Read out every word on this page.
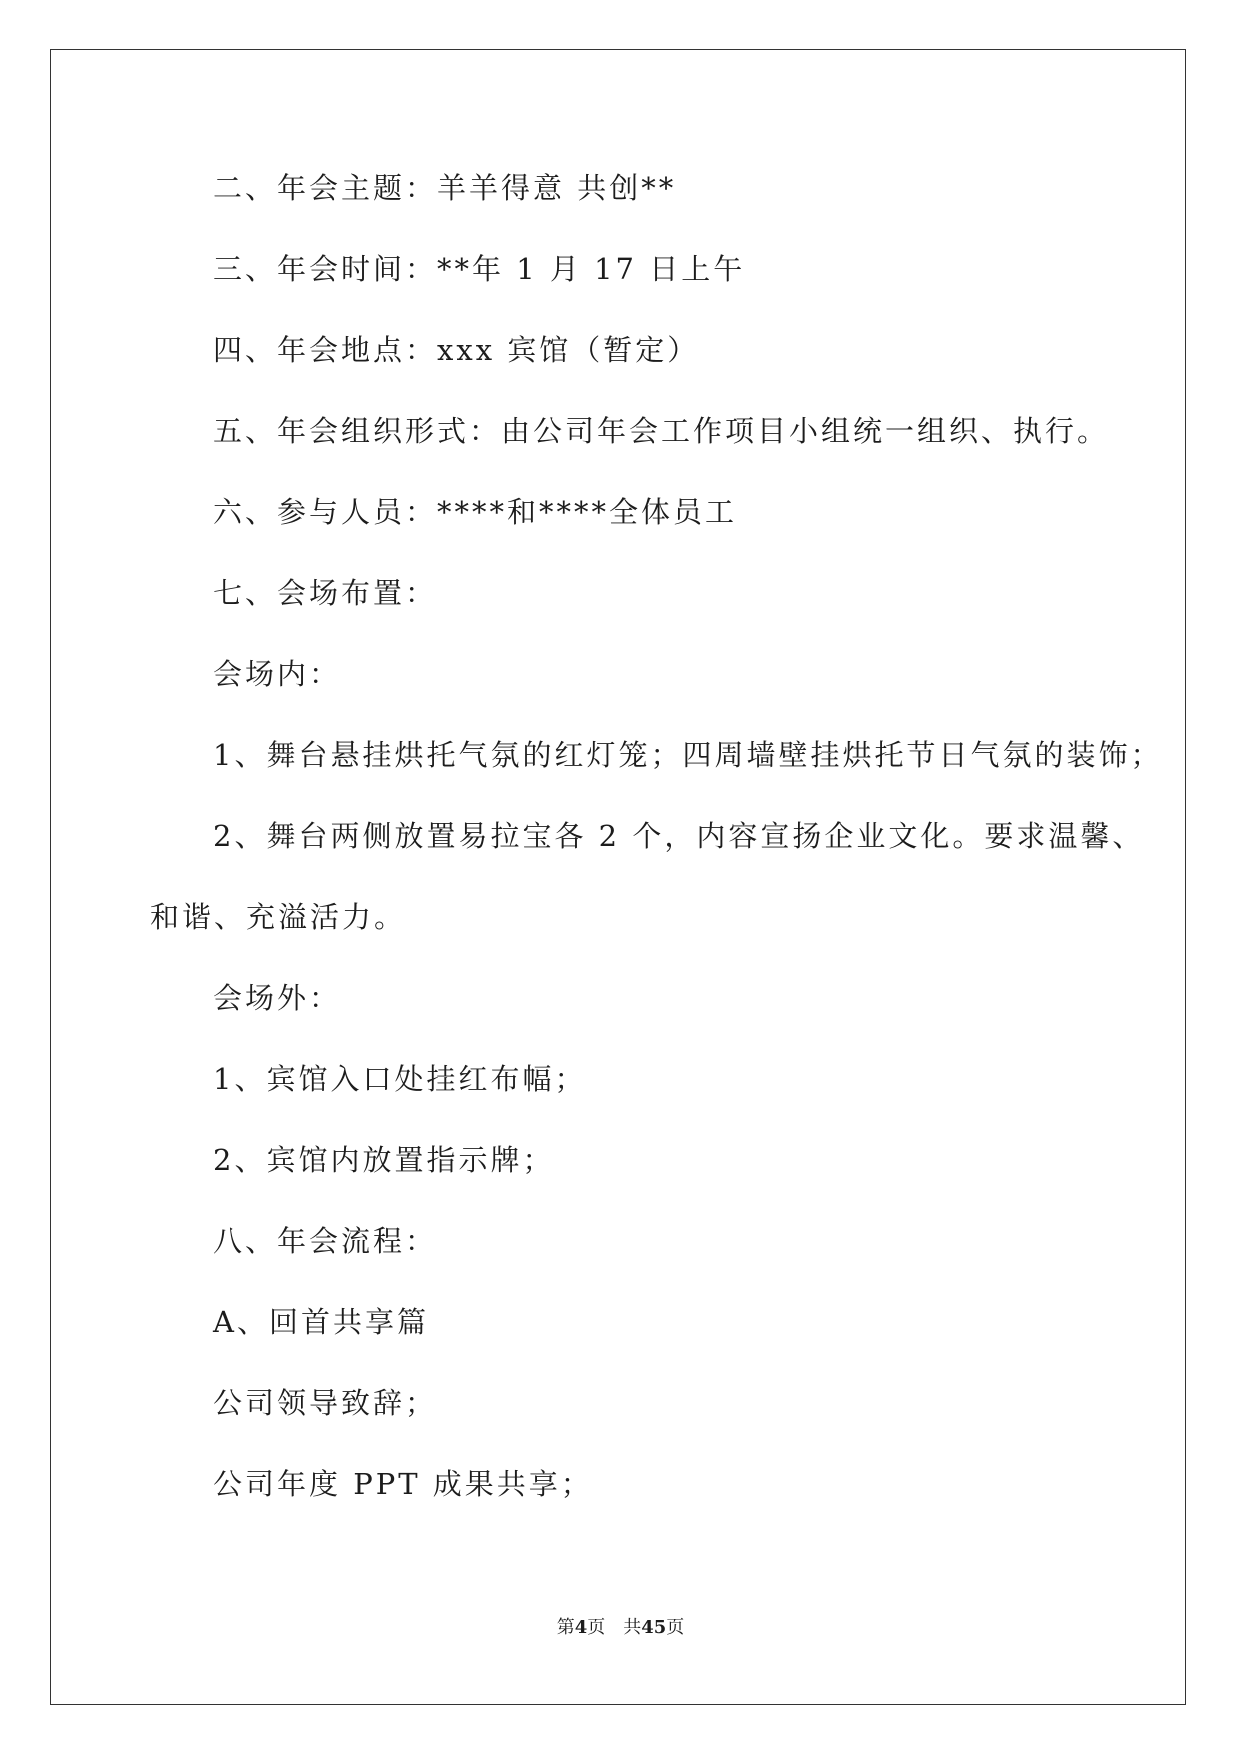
二、年会主题：羊羊得意 共创**
三、年会时间：**年 1 月 17 日上午
四、年会地点：xxx 宾馆（暂定）
五、年会组织形式：由公司年会工作项目小组统一组织、执行。
六、参与人员：****和****全体员工
七、会场布置：
会场内：
1、舞台悬挂烘托气氛的红灯笼；四周墙壁挂烘托节日气氛的装饰；
2、舞台两侧放置易拉宝各 2 个，内容宣扬企业文化。要求温馨、
和谐、充溢活力。
会场外：
1、宾馆入口处挂红布幅；
2、宾馆内放置指示牌；
八、年会流程：
A、回首共享篇
公司领导致辞；
公司年度 PPT 成果共享；
第4页　共45页
